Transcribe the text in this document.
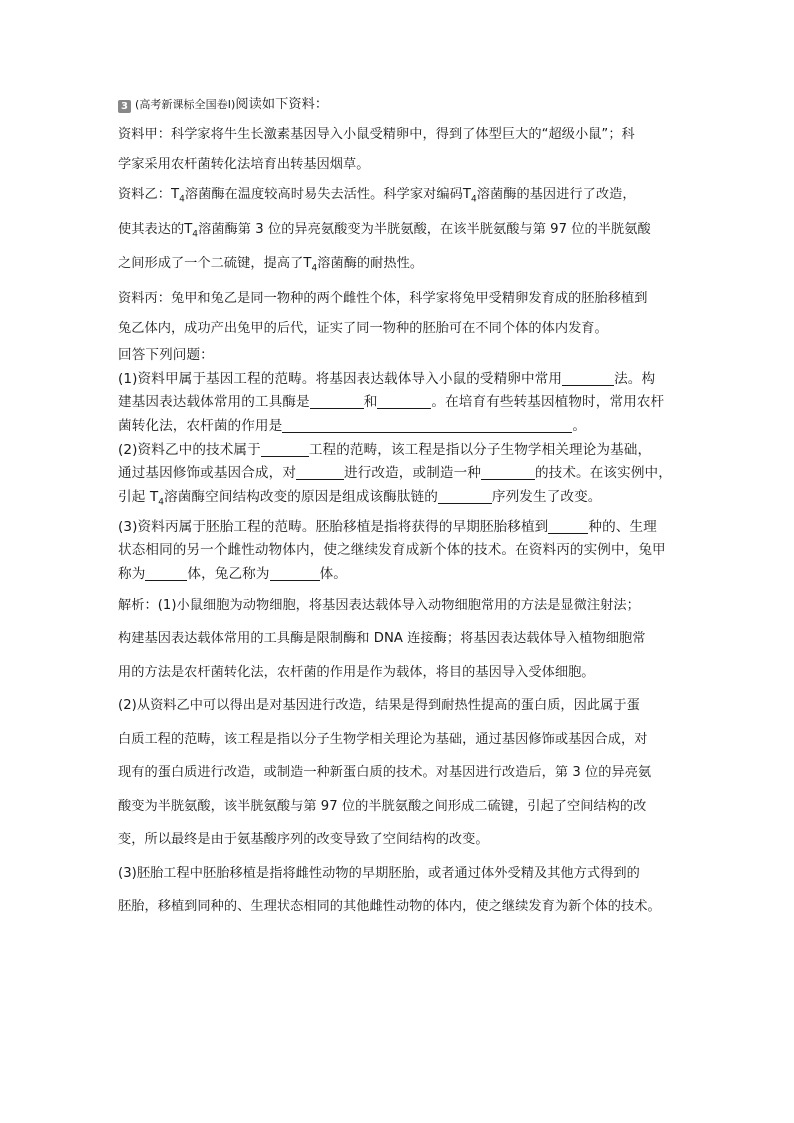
3 (高考新课标全国卷Ⅰ)阅读如下资料：

资料甲：科学家将牛生长激素基因导入小鼠受精卵中，得到了体型巨大的“超级小鼠”；科

学家采用农杆菌转化法培育出转基因烟草。

资料乙：$T_4$溶菌酶在温度较高时易失去活性。科学家对编码$T_4$溶菌酶的基因进行了改造，

使其表达的$T_4$溶菌酶第 3 位的异亮氨酸变为半胱氨酸，在该半胱氨酸与第 97 位的半胱氨酸

之间形成了一个二硫键，提高了$T_4$溶菌酶的耐热性。

资料丙：兔甲和兔乙是同一物种的两个雌性个体，科学家将兔甲受精卵发育成的胚胎移植到

兔乙体内，成功产出兔甲的后代，证实了同一物种的胚胎可在不同个体的体内发育。

回答下列问题：

(1)资料甲属于基因工程的范畴。将基因表达载体导入小鼠的受精卵中常用	法。构

建基因表达载体常用的工具酶是	和	。在培育有些转基因植物时，常用农杆

菌转化法，农杆菌的作用是	。

(2)资料乙中的技术属于	工程的范畴，该工程是指以分子生物学相关理论为基础，

通过基因修饰或基因合成，对	进行改造，或制造一种	的技术。在该实例中，

引起 $T_4$溶菌酶空间结构改变的原因是组成该酶肽链的	序列发生了改变。

(3)资料丙属于胚胎工程的范畴。胚胎移植是指将获得的早期胚胎移植到	种的、生理

状态相同的另一个雌性动物体内，使之继续发育成新个体的技术。在资料丙的实例中，兔甲

称为	体，兔乙称为	体。

解析：(1)小鼠细胞为动物细胞，将基因表达载体导入动物细胞常用的方法是显微注射法；

构建基因表达载体常用的工具酶是限制酶和 DNA 连接酶；将基因表达载体导入植物细胞常

用的方法是农杆菌转化法，农杆菌的作用是作为载体，将目的基因导入受体细胞。

(2)从资料乙中可以得出是对基因进行改造，结果是得到耐热性提高的蛋白质，因此属于蛋

白质工程的范畴，该工程是指以分子生物学相关理论为基础，通过基因修饰或基因合成，对

现有的蛋白质进行改造，或制造一种新蛋白质的技术。对基因进行改造后，第 3 位的异亮氨

酸变为半胱氨酸，该半胱氨酸与第 97 位的半胱氨酸之间形成二硫键，引起了空间结构的改

变，所以最终是由于氨基酸序列的改变导致了空间结构的改变。

(3)胚胎工程中胚胎移植是指将雌性动物的早期胚胎，或者通过体外受精及其他方式得到的

胚胎，移植到同种的、生理状态相同的其他雌性动物的体内，使之继续发育为新个体的技术。
